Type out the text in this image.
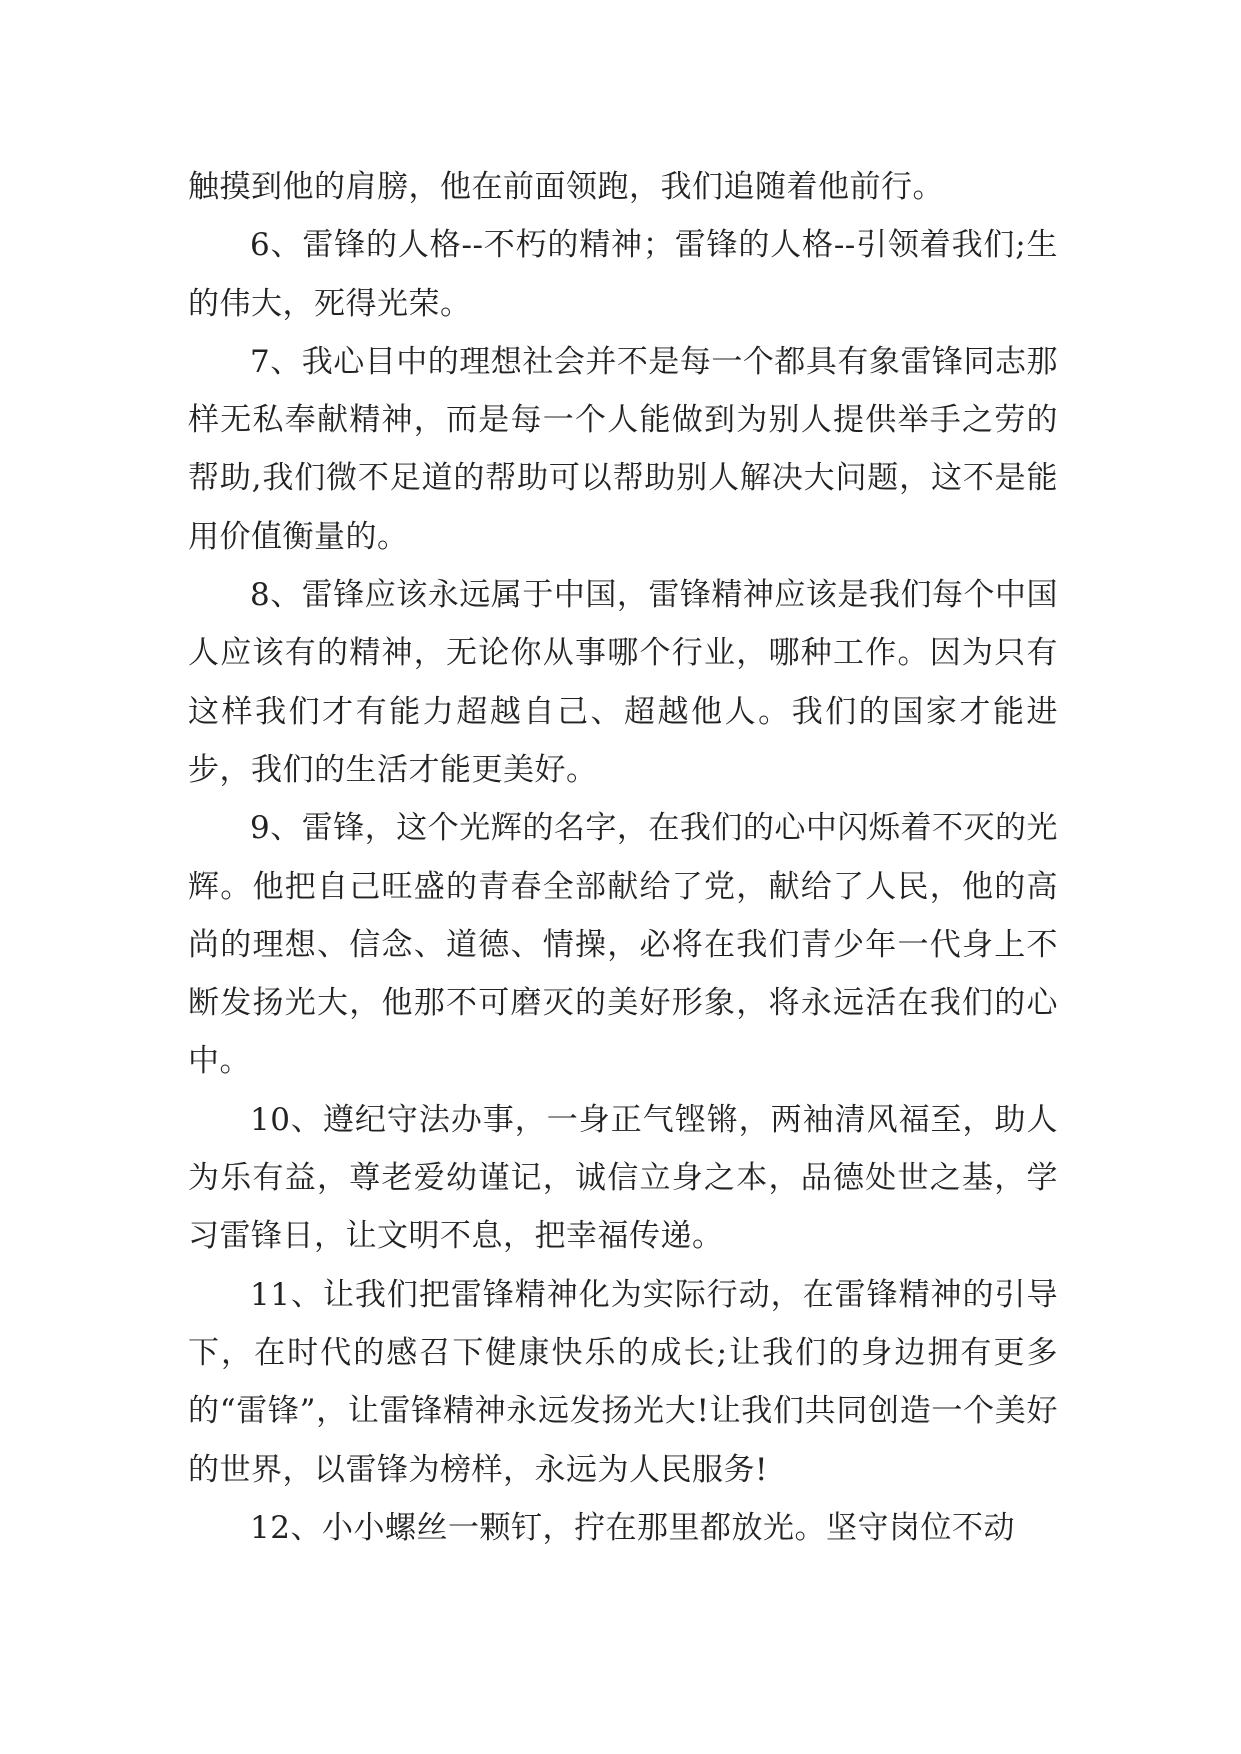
触摸到他的肩膀，他在前面领跑，我们追随着他前行。

6、雷锋的人格--不朽的精神；雷锋的人格--引领着我们;生的伟大，死得光荣。

7、我心目中的理想社会并不是每一个都具有象雷锋同志那样无私奉献精神，而是每一个人能做到为别人提供举手之劳的帮助,我们微不足道的帮助可以帮助别人解决大问题，这不是能用价值衡量的。

8、雷锋应该永远属于中国，雷锋精神应该是我们每个中国人应该有的精神，无论你从事哪个行业，哪种工作。因为只有这样我们才有能力超越自己、超越他人。我们的国家才能进步，我们的生活才能更美好。

9、雷锋，这个光辉的名字，在我们的心中闪烁着不灭的光辉。他把自己旺盛的青春全部献给了党，献给了人民，他的高尚的理想、信念、道德、情操，必将在我们青少年一代身上不断发扬光大，他那不可磨灭的美好形象，将永远活在我们的心中。

10、遵纪守法办事，一身正气铿锵，两袖清风福至，助人为乐有益，尊老爱幼谨记，诚信立身之本，品德处世之基，学习雷锋日，让文明不息，把幸福传递。

11、让我们把雷锋精神化为实际行动，在雷锋精神的引导下，在时代的感召下健康快乐的成长;让我们的身边拥有更多的“雷锋”，让雷锋精神永远发扬光大!让我们共同创造一个美好的世界，以雷锋为榜样，永远为人民服务!

12、小小螺丝一颗钉，拧在那里都放光。坚守岗位不动
